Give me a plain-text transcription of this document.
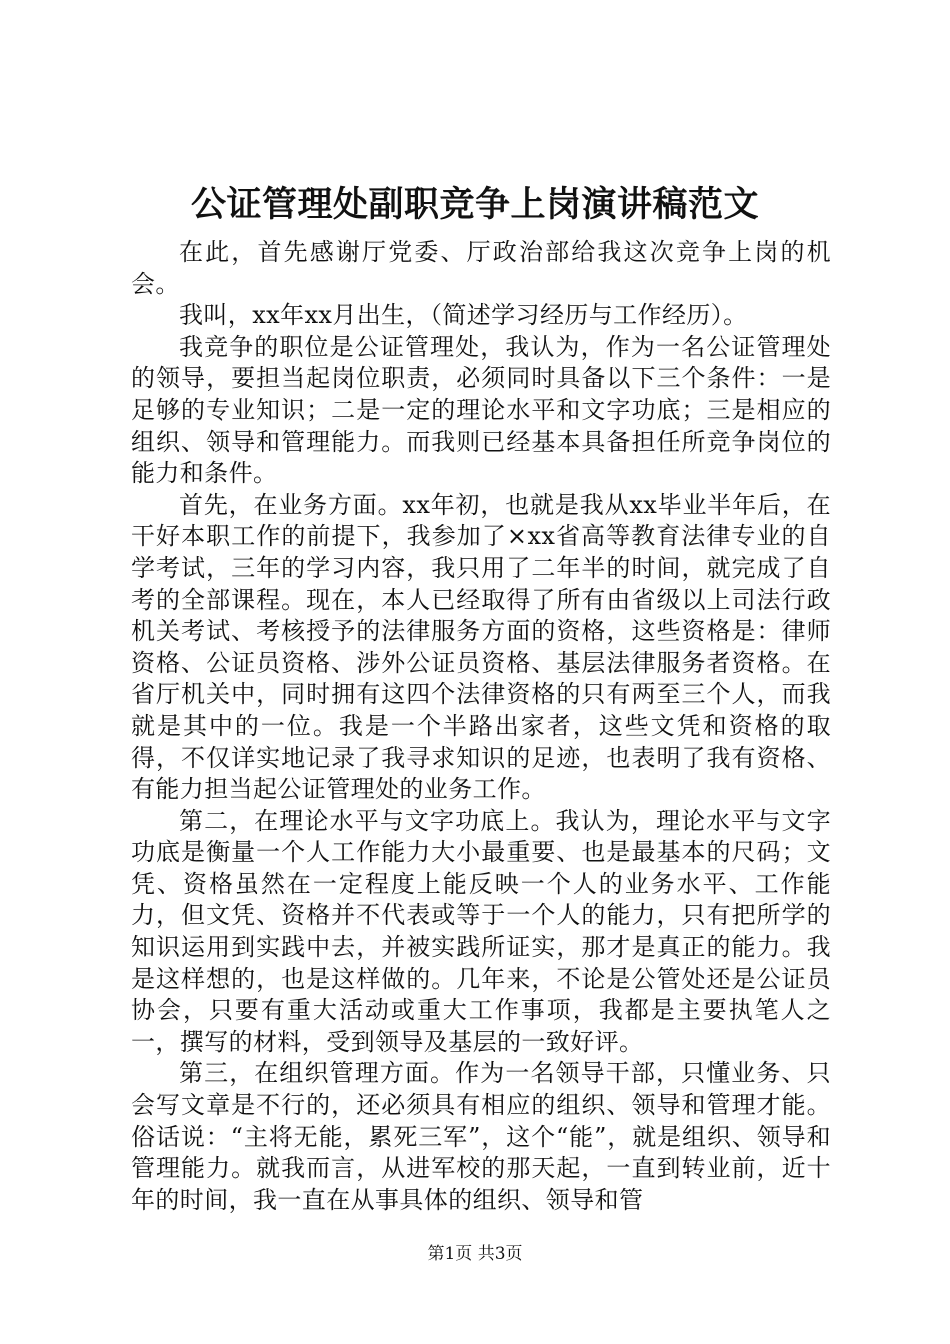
公证管理处副职竞争上岗演讲稿范文

在此，首先感谢厅党委、厅政治部给我这次竞争上岗的机会。

我叫，xx年xx月出生，（简述学习经历与工作经历）。

我竞争的职位是公证管理处，我认为，作为一名公证管理处的领导，要担当起岗位职责，必须同时具备以下三个条件：一是足够的专业知识；二是一定的理论水平和文字功底；三是相应的组织、领导和管理能力。而我则已经基本具备担任所竞争岗位的能力和条件。

首先，在业务方面。xx年初，也就是我从xx毕业半年后，在干好本职工作的前提下，我参加了×xx省高等教育法律专业的自学考试，三年的学习内容，我只用了二年半的时间，就完成了自考的全部课程。现在，本人已经取得了所有由省级以上司法行政机关考试、考核授予的法律服务方面的资格，这些资格是：律师资格、公证员资格、涉外公证员资格、基层法律服务者资格。在省厅机关中，同时拥有这四个法律资格的只有两至三个人，而我就是其中的一位。我是一个半路出家者，这些文凭和资格的取得，不仅详实地记录了我寻求知识的足迹，也表明了我有资格、有能力担当起公证管理处的业务工作。

第二，在理论水平与文字功底上。我认为，理论水平与文字功底是衡量一个人工作能力大小最重要、也是最基本的尺码；文凭、资格虽然在一定程度上能反映一个人的业务水平、工作能力，但文凭、资格并不代表或等于一个人的能力，只有把所学的知识运用到实践中去，并被实践所证实，那才是真正的能力。我是这样想的，也是这样做的。几年来，不论是公管处还是公证员协会，只要有重大活动或重大工作事项，我都是主要执笔人之一，撰写的材料，受到领导及基层的一致好评。

第三，在组织管理方面。作为一名领导干部，只懂业务、只会写文章是不行的，还必须具有相应的组织、领导和管理才能。俗话说：“主将无能，累死三军”，这个“能”，就是组织、领导和管理能力。就我而言，从进军校的那天起，一直到转业前，近十年的时间，我一直在从事具体的组织、领导和管

第1页 共3页
